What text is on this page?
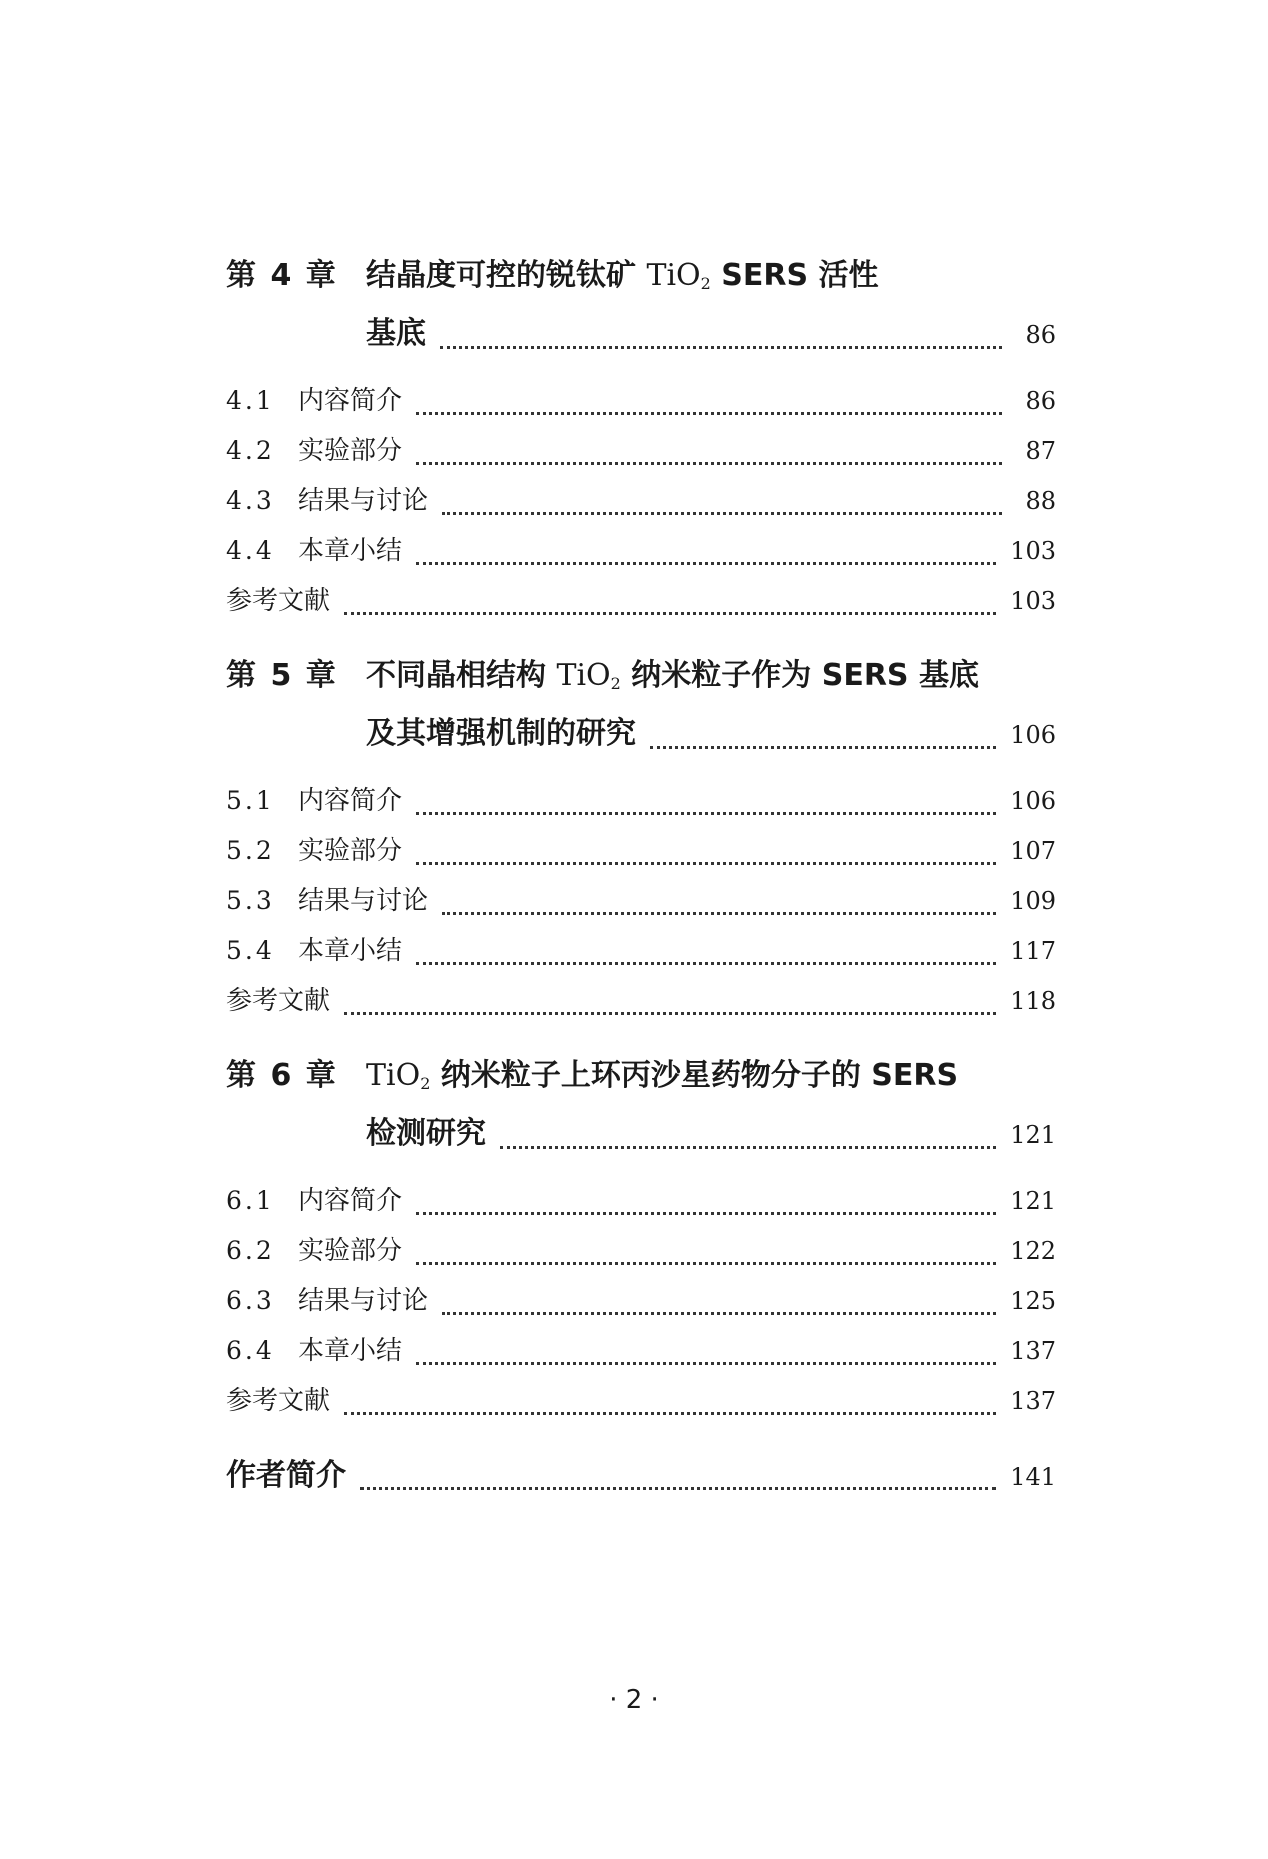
第 4 章 结晶度可控的锐钛矿 TiO$_2$ SERS 活性
基底	86
4.1 内容简介	86
4.2 实验部分	87
4.3 结果与讨论	88
4.4 本章小结	103
参考文献	103
第 5 章 不同晶相结构 TiO$_2$ 纳米粒子作为 SERS 基底
及其增强机制的研究	106
5.1 内容简介	106
5.2 实验部分	107
5.3 结果与讨论	109
5.4 本章小结	117
参考文献	118
第 6 章 TiO$_2$ 纳米粒子上环丙沙星药物分子的 SERS
检测研究	121
6.1 内容简介	121
6.2 实验部分	122
6.3 结果与讨论	125
6.4 本章小结	137
参考文献	137
作者简介	141
· 2 ·
